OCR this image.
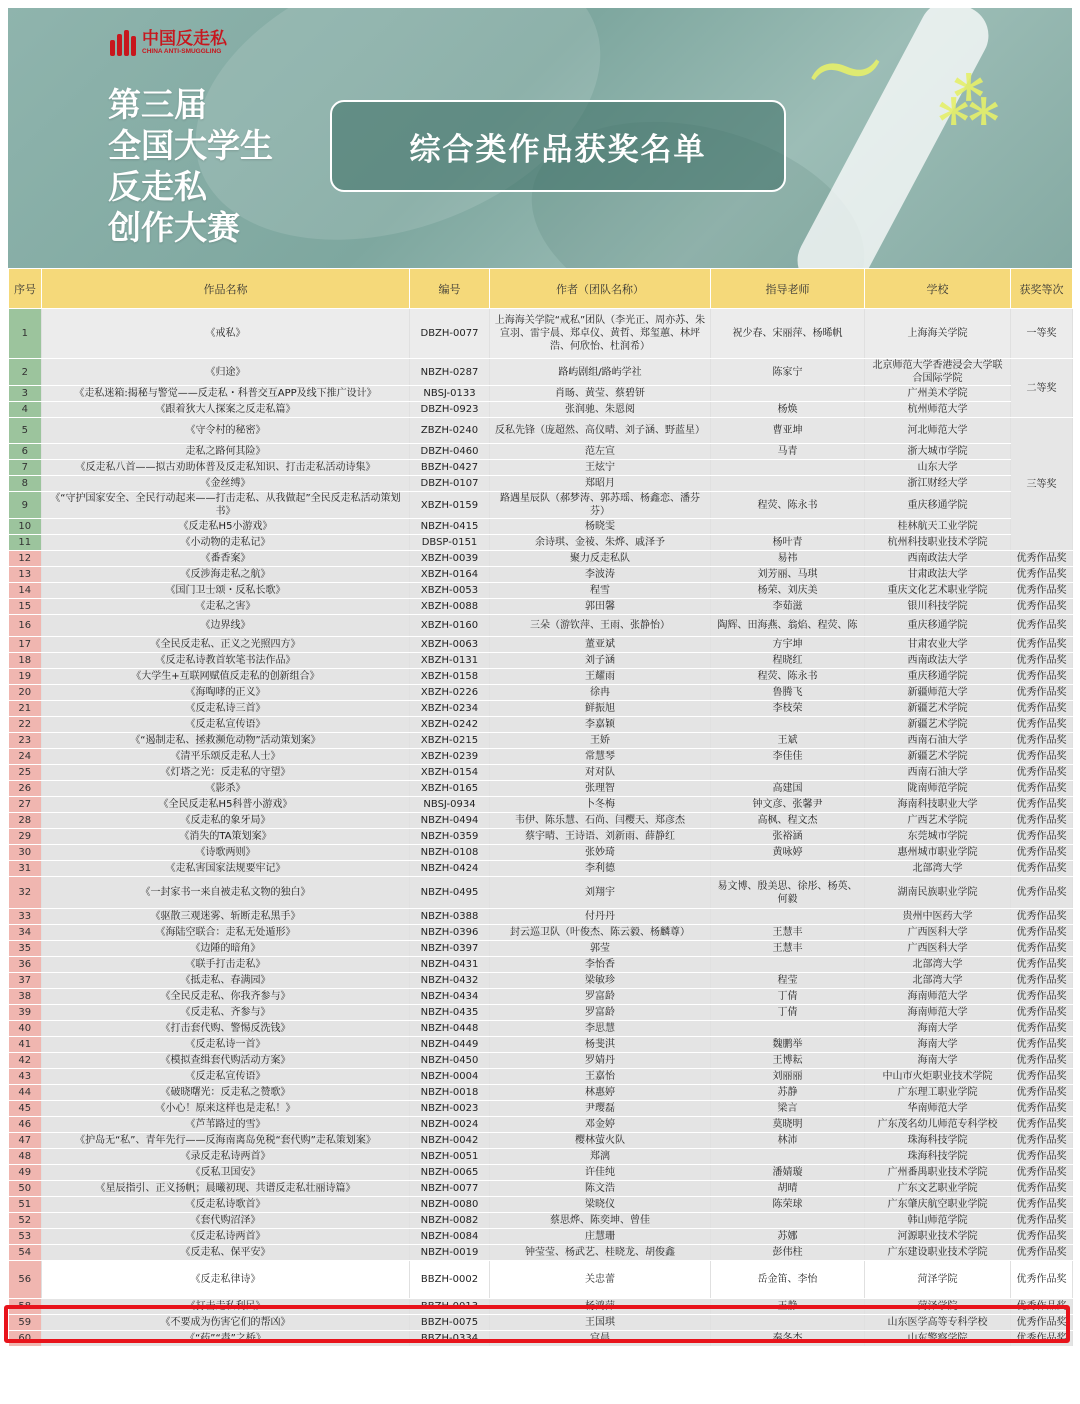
〜 ⁂
中国反走私
CHINA ANTI-SMUGGLING
第三届
全国大学生
反走私
创作大赛
综合类作品获奖名单
序号	作品名称	编号	作者（团队名称）	指导老师	学校	获奖等次
1	《戒私》	DBZH-0077	上海海关学院“戒私”团队（李光正、周亦苏、朱宣羽、雷宇晨、郑卓仪、黄哲、郑玺蕙、林坪浩、何欣怡、杜润希）	祝少春、宋丽萍、杨晞帆	上海海关学院	一等奖
2	《归途》	NBZH-0287	路屿剧组/路屿学社	陈家宁	北京师范大学香港浸会大学联合国际学院	二等奖
3	《走私迷箱:揭秘与警觉——反走私・科普交互APP及线下推广设计》	NBSJ-0133	肖旸、黄莹、蔡碧钘		广州美术学院	
4	《跟着狄大人探案之反走私篇》	DBZH-0923	张润驰、朱恩阅	杨焕	杭州师范大学	
5	《守令村的秘密》	ZBZH-0240	反私先锋（庞超然、高仪晴、刘子涵、野蓝星）	曹亚坤	河北师范大学	三等奖
6	走私之路何其险》	DBZH-0460	范左宣	马青	浙大城市学院	
7	《反走私八首——拟古劝助体普及反走私知识、打击走私活动诗集》	BBZH-0427	王炫宁		山东大学	
8	《金丝缚》	DBZH-0107	郑昭月		浙江财经大学	
9	《“守护国家安全、全民行动起来——打击走私、从我做起”全民反走私活动策划书》	XBZH-0159	路遇星辰队（郝梦涛、郭苏瑶、杨鑫恋、潘芬芬）	程荧、陈永书	重庆移通学院	
10	《反走私H5小游戏》	NBZH-0415	杨晓雯		桂林航天工业学院	
11	《小动物的走私记》	DBSP-0151	余诗琪、金祾、朱烨、戚泽予	杨叶青	杭州科技职业技术学院	
12	《番香案》	XBZH-0039	聚力反走私队	易祎	西南政法大学	优秀作品奖
13	《反涉海走私之航》	XBZH-0164	李波涛	刘芳丽、马琪	甘肃政法大学	优秀作品奖
14	《国门卫士颂・反私长歌》	XBZH-0053	程雪	杨荣、刘庆美	重庆文化艺术职业学院	优秀作品奖
15	《走私之害》	XBZH-0088	郭田馨	李茹滋	银川科技学院	优秀作品奖
16	《边界线》	XBZH-0160	三朵（游钦萍、王雨、张静怡）	陶辉、田海燕、翁焰、程荧、陈	重庆移通学院	优秀作品奖
17	《全民反走私、正义之光照四方》	XBZH-0063	董亚斌	方宇坤	甘肃农业大学	优秀作品奖
18	《反走私诗教首软笔书法作品》	XBZH-0131	刘子涵	程晓红	西南政法大学	优秀作品奖
19	《大学生+互联网赋值反走私的创新组合》	XBZH-0158	王耀雨	程荧、陈永书	重庆移通学院	优秀作品奖
20	《海啕哮的正义》	XBZH-0226	徐冉	鲁腾飞	新疆师范大学	优秀作品奖
21	《反走私诗三首》	XBZH-0234	鲜振旭	李枝荣	新疆艺术学院	优秀作品奖
22	《反走私宣传语》	XBZH-0242	李嘉颖		新疆艺术学院	优秀作品奖
23	《“遏制走私、拯救濒危动物”活动策划案》	XBZH-0215	王娇	王斌	西南石油大学	优秀作品奖
24	《清平乐颂反走私人士》	XBZH-0239	常慧琴	李佳佳	新疆艺术学院	优秀作品奖
25	《灯塔之光：反走私的守望》	XBZH-0154	对对队		西南石油大学	优秀作品奖
26	《影杀》	XBZH-0165	张理智	高建国	陇南师范学院	优秀作品奖
27	《全民反走私H5科普小游戏》	NBSJ-0934	卜冬梅	钟文彦、张馨尹	海南科技职业大学	优秀作品奖
28	《反走私的象牙局》	NBZH-0494	韦伊、陈乐慧、石尚、闫樱天、郑彦杰	高枫、程文杰	广西艺术学院	优秀作品奖
29	《消失的TA策划案》	NBZH-0359	蔡宇晴、王诗语、刘新雨、薛静红	张裕涵	东莞城市学院	优秀作品奖
30	《诗歌两则》	NBZH-0108	张妙琦	黄咏婷	惠州城市职业学院	优秀作品奖
31	《走私害国家法规要牢记》	NBZH-0424	李利德		北部湾大学	优秀作品奖
32	《一封家书一来自被走私文物的独白》	NBZH-0495	刘翔宇	易文博、殷美思、徐彤、杨英、何毅	湖南民族职业学院	优秀作品奖
33	《驱散三观迷雾、斩断走私黑手》	NBZH-0388	付丹丹		贵州中医药大学	优秀作品奖
34	《海陆空联合：走私无处遁形》	NBZH-0396	封云巡卫队（叶俊杰、陈云毅、杨麟尊）	王慧丰	广西医科大学	优秀作品奖
35	《边陲的暗角》	NBZH-0397	郭莹	王慧丰	广西医科大学	优秀作品奖
36	《联手打击走私》	NBZH-0431	李怡香		北部湾大学	优秀作品奖
37	《抵走私、春满园》	NBZH-0432	梁敏珍	程莹	北部湾大学	优秀作品奖
38	《全民反走私、你我齐参与》	NBZH-0434	罗富龄	丁倩	海南师范大学	优秀作品奖
39	《反走私、齐参与》	NBZH-0435	罗富龄	丁倩	海南师范大学	优秀作品奖
40	《打击套代购、警惕反洗钱》	NBZH-0448	李思慧		海南大学	优秀作品奖
41	《反走私诗一首》	NBZH-0449	杨斐淇	魏鹏举	海南大学	优秀作品奖
42	《模拟查缉套代购活动方案》	NBZH-0450	罗婧丹	王博耘	海南大学	优秀作品奖
43	《反走私宣传语》	NBZH-0004	王嘉怡	刘丽丽	中山市火炬职业技术学院	优秀作品奖
44	《破晓曙光：反走私之赞歌》	NBZH-0018	林惠婷	苏静	广东理工职业学院	优秀作品奖
45	《小心！原来这样也是走私！》	NBZH-0023	尹璎磊	梁言	华南师范大学	优秀作品奖
46	《芦苇路过的雪》	NBZH-0024	邓金婷	莫晓明	广东茂名幼儿师范专科学校	优秀作品奖
47	《护岛无“私”、青年先行——反海南离岛免税“套代购”走私策划案》	NBZH-0042	樱林萤火队	林沛	珠海科技学院	优秀作品奖
48	《录反走私诗两首》	NBZH-0051	郑漓		珠海科技学院	优秀作品奖
49	《反私卫国安》	NBZH-0065	许佳纯	潘婧璇	广州番禺职业技术学院	优秀作品奖
50	《星辰指引、正义扬帆；晨曦初现、共谱反走私壮丽诗篇》	NBZH-0077	陈文浩	胡晴	广东文艺职业学院	优秀作品奖
51	《反走私诗歌首》	NBZH-0080	梁晓仪	陈荣球	广东肇庆航空职业学院	优秀作品奖
52	《套代购沼泽》	NBZH-0082	蔡思烨、陈奕坤、曾佳		韩山师范学院	优秀作品奖
53	《反走私诗两首》	NBZH-0084	庄慧珊	苏娜	河源职业技术学院	优秀作品奖
54	《反走私、保平安》	NBZH-0019	钟莹莹、杨武艺、桂晓龙、胡俊鑫	彭伟柱	广东建设职业技术学院	优秀作品奖
56	《反走私律诗》	BBZH-0002	关忠蕾	岳金笛、李怡	菏泽学院	优秀作品奖
58	《打击走私利民》	BBZH-0013	杨鸿萍	王静	菏泽学院	优秀作品奖
59	《不要成为伤害它们的帮凶》	BBZH-0075	王国琪		山东医学高等专科学校	优秀作品奖
60	《“药”“毒”之桥》	BBZH-0334	宫晨	秦冬杰	山东警察学院	优秀作品奖
